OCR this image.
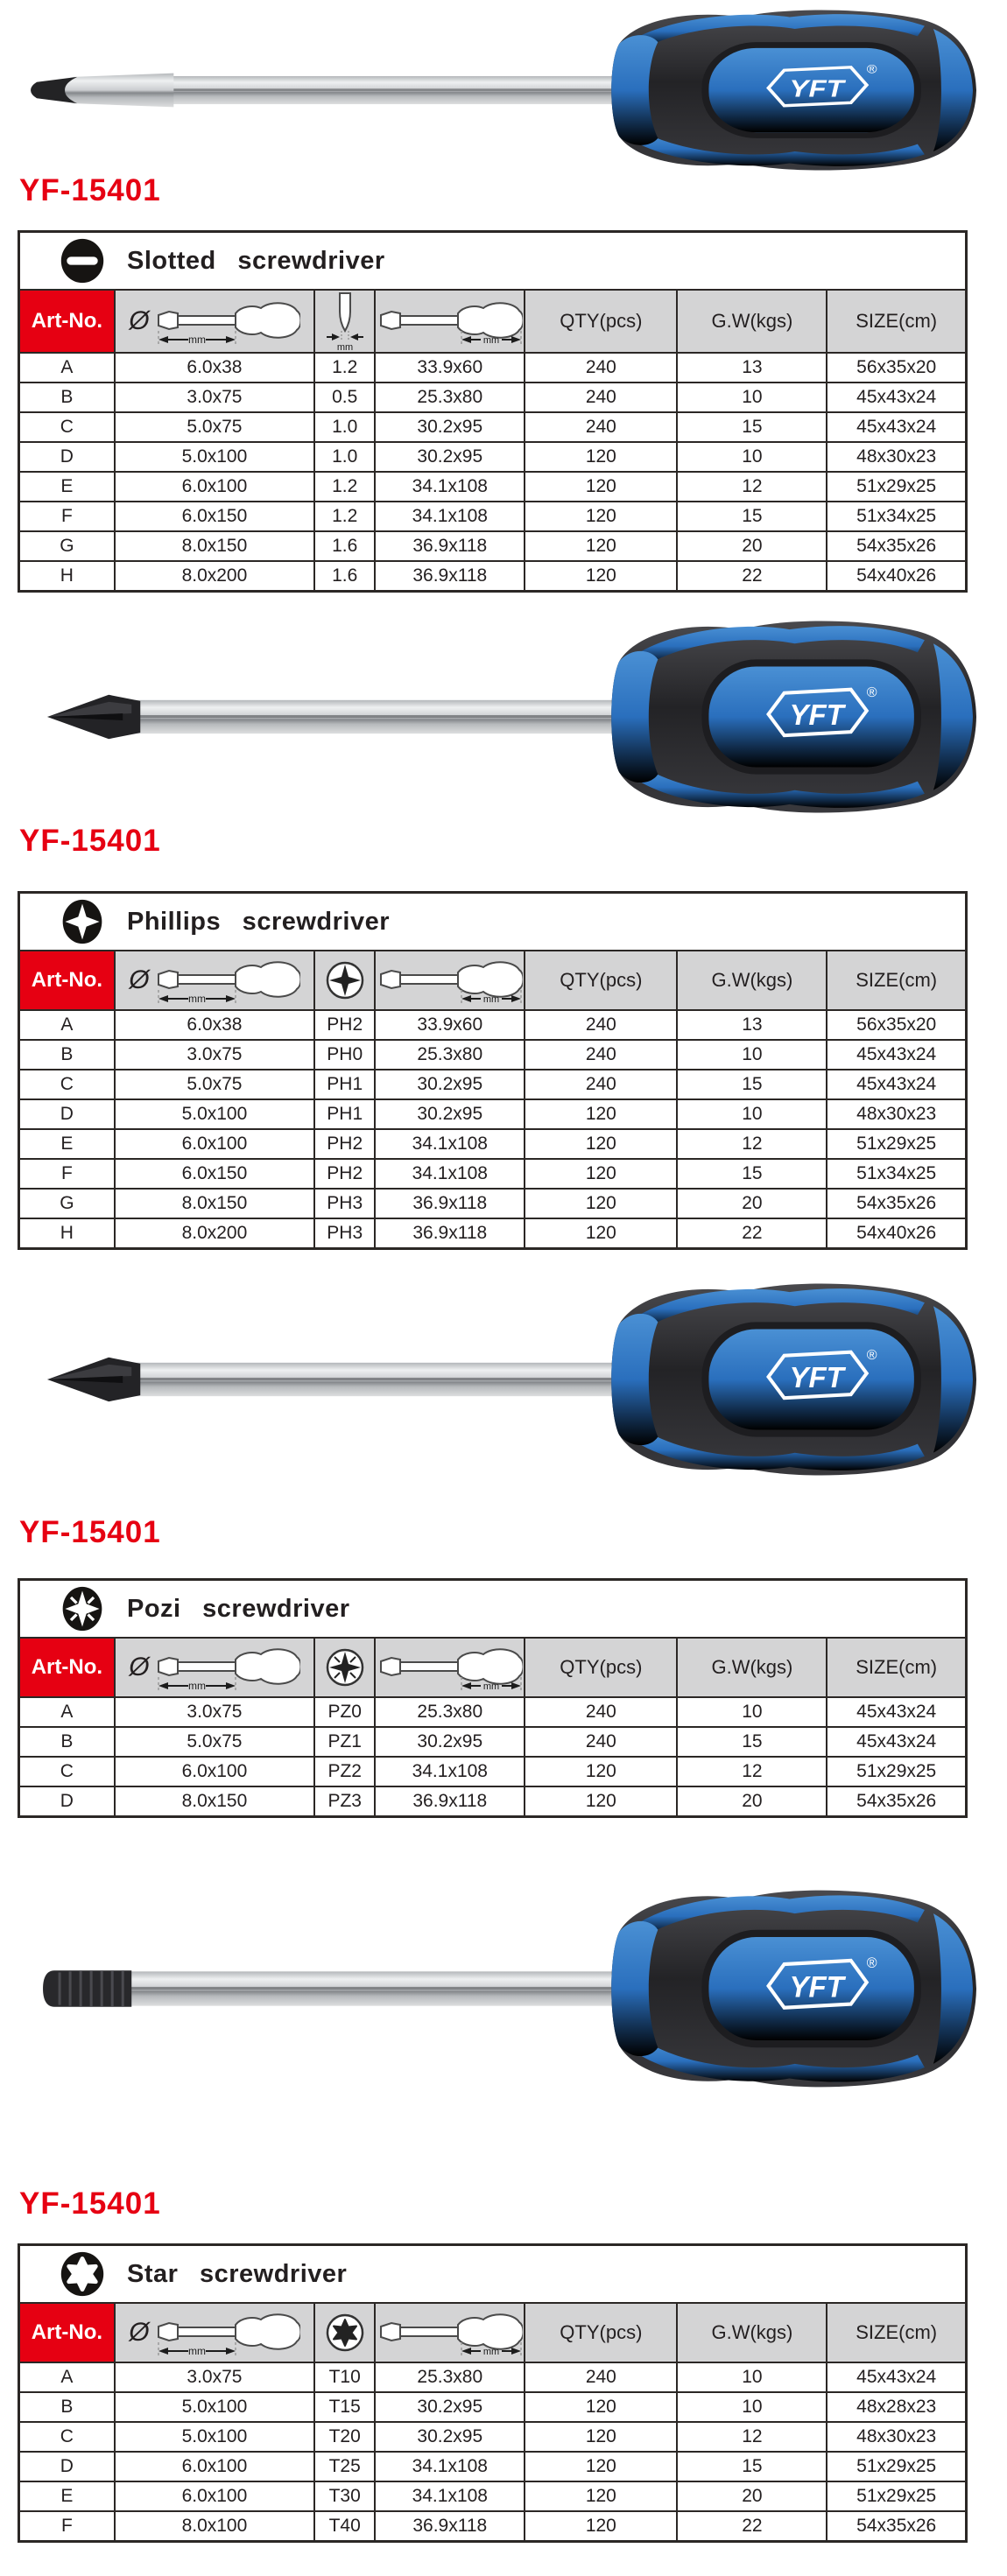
YF-15401
Slotted screwdriver						

Art-No.	Ø			QTY(pcs)	G.W(kgs)	SIZE(cm)
A	6.0x38	1.2	33.9x60	240	13	56x35x20
B	3.0x75	0.5	25.3x80	240	10	45x43x24
C	5.0x75	1.0	30.2x95	240	15	45x43x24
D	5.0x100	1.0	30.2x95	120	10	48x30x23
E	6.0x100	1.2	34.1x108	120	12	51x29x25
F	6.0x150	1.2	34.1x108	120	15	51x34x25
G	8.0x150	1.6	36.9x118	120	20	54x35x26
H	8.0x200	1.6	36.9x118	120	22	54x40x26
YF-15401
Phillips screwdriver						

Art-No.	Ø			QTY(pcs)	G.W(kgs)	SIZE(cm)
A	6.0x38	PH2	33.9x60	240	13	56x35x20
B	3.0x75	PH0	25.3x80	240	10	45x43x24
C	5.0x75	PH1	30.2x95	240	15	45x43x24
D	5.0x100	PH1	30.2x95	120	10	48x30x23
E	6.0x100	PH2	34.1x108	120	12	51x29x25
F	6.0x150	PH2	34.1x108	120	15	51x34x25
G	8.0x150	PH3	36.9x118	120	20	54x35x26
H	8.0x200	PH3	36.9x118	120	22	54x40x26
YF-15401
Pozi screwdriver						

Art-No.	Ø			QTY(pcs)	G.W(kgs)	SIZE(cm)
A	3.0x75	PZ0	25.3x80	240	10	45x43x24
B	5.0x75	PZ1	30.2x95	240	15	45x43x24
C	6.0x100	PZ2	34.1x108	120	12	51x29x25
D	8.0x150	PZ3	36.9x118	120	20	54x35x26
YF-15401
Star screwdriver						

Art-No.	Ø			QTY(pcs)	G.W(kgs)	SIZE(cm)
A	3.0x75	T10	25.3x80	240	10	45x43x24
B	5.0x100	T15	30.2x95	120	10	48x28x23
C	5.0x100	T20	30.2x95	120	12	48x30x23
D	6.0x100	T25	34.1x108	120	15	51x29x25
E	6.0x100	T30	34.1x108	120	20	51x29x25
F	8.0x100	T40	36.9x118	120	22	54x35x26
